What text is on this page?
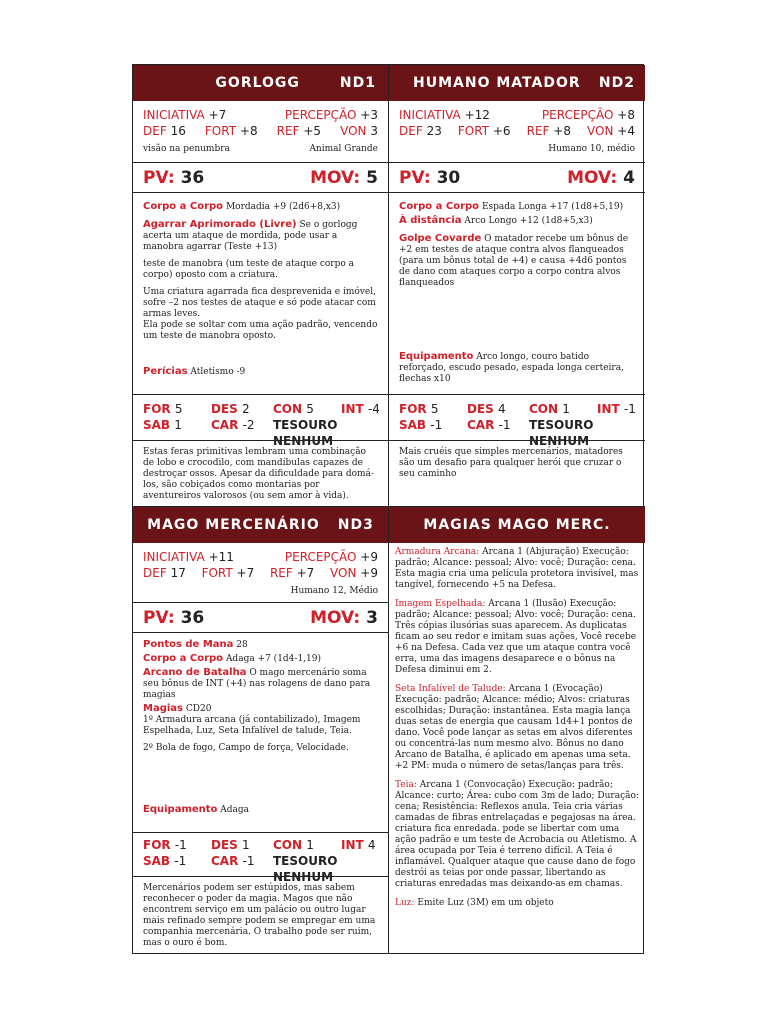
GORLOGG	ND1
INICIATIVA +7	PERCEPÇÃO +3
DEF 16 FORT +8 REF +5 VON 3
visão na penumbra	Animal Grande
PV: 36	MOV: 5

Corpo a Corpo Mordadia +9 (2d6+8,x3)

Agarrar Aprimorado (Livre) Se o gorlogg acerta um ataque de mordida, pode usar a manobra agarrar (Teste +13)

teste de manobra (um teste de ataque corpo a corpo) oposto com a criatura.

Uma criatura agarrada fica desprevenida e imóvel, sofre –2 nos testes de ataque e só pode atacar com armas leves.

Ela pode se soltar com uma ação padrão, vencendo um teste de manobra oposto.

Perícias Atletismo -9

FOR 5	DES 2	CON 5	INT -4
SAB 1	CAR -2	TESOURO NENHUM

Estas feras primitivas lembram uma combinação de lobo e crocodilo, com mandíbulas capazes de destroçar ossos. Apesar da dificuldade para domá-los, são cobiçados como montarias por aventureiros valorosos (ou sem amor à vida).

MAGO MERCENÁRIO ND3
INICIATIVA +11	PERCEPÇÃO +9
DEF 17 FORT +7 REF +7 VON +9
Humano 12, Médio
PV: 36	MOV: 3

Pontos de Mana 28

Corpo a Corpo Adaga +7 (1d4-1,19)

Arcano de Batalha O mago mercenário soma seu bônus de INT (+4) nas rolagens de dano para magias

Magias CD20

1º Armadura arcana (já contabilizado), Imagem Espelhada, Luz, Seta Infalível de talude, Teia.

2º Bola de fogo, Campo de força, Velocidade.

Equipamento Adaga

FOR -1	DES 1	CON 1	INT 4
SAB -1	CAR -1	TESOURO NENHUM

Mercenários podem ser estúpidos, mas sabem reconhecer o poder da magia. Magos que não encontrem serviço em um palácio ou outro lugar mais refinado sempre podem se empregar em uma companhia mercenária. O trabalho pode ser ruim, mas o ouro é bom.

HUMANO MATADOR ND2
INICIATIVA +12	PERCEPÇÃO +8
DEF 23 FORT +6 REF +8 VON +4
Humano 10, médio
PV: 30	MOV: 4

Corpo a Corpo Espada Longa +17 (1d8+5,19)

À distância Arco Longo +12 (1d8+5,x3)

Golpe Covarde O matador recebe um bônus de +2 em testes de ataque contra alvos flanqueados (para um bônus total de +4) e causa +4d6 pontos de dano com ataques corpo a corpo contra alvos flanqueados

Equipamento Arco longo, couro batido reforçado, escudo pesado, espada longa certeira, flechas x10

FOR 5	DES 4	CON 1	INT -1
SAB -1	CAR -1	TESOURO NENHUM

Mais cruéis que simples mercenários, matadores são um desafio para qualquer herói que cruzar o seu caminho

MAGIAS MAGO MERC.

Armadura Arcana: Arcana 1 (Abjuração) Execução: padrão; Alcance: pessoal; Alvo: você; Duração: cena. Esta magia cria uma película protetora invisível, mas tangível, fornecendo +5 na Defesa.

Imagem Espelhada: Arcana 1 (Ilusão) Execução: padrão; Alcance: pessoal; Alvo: você; Duração: cena. Três cópias ilusórias suas aparecem. As duplicatas ficam ao seu redor e imitam suas ações, Você recebe +6 na Defesa. Cada vez que um ataque contra você erra, uma das imagens desaparece e o bônus na Defesa diminui em 2.

Seta Infalível de Talude: Arcana 1 (Evocação) Execução: padrão; Alcance: médio; Alvos: criaturas escolhidas; Duração: instantânea. Esta magia lança duas setas de energia que causam 1d4+1 pontos de dano. Você pode lançar as setas em alvos diferentes ou concentrá-las num mesmo alvo. Bônus no dano Arcano de Batalha, é aplicado em apenas uma seta. +2 PM: muda o número de setas/lanças para três.

Teia: Arcana 1 (Convocação) Execução: padrão; Alcance: curto; Área: cubo com 3m de lado; Duração: cena; Resistência: Reflexos anula. Teia cria várias camadas de fibras entrelaçadas e pegajosas na área. criatura fica enredada. pode se libertar com uma ação padrão e um teste de Acrobacia ou Atletismo. A área ocupada por Teia é terreno difícil. A Teia é inflamável. Qualquer ataque que cause dano de fogo destrói as teias por onde passar, libertando as criaturas enredadas mas deixando-as em chamas.

Luz: Emite Luz (3M) em um objeto
